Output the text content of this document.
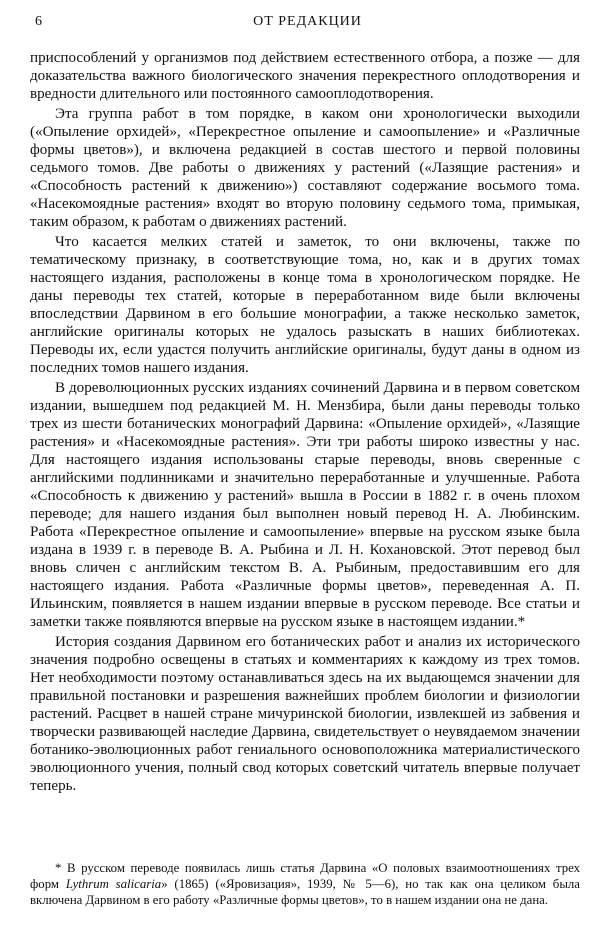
6	ОТ РЕДАКЦИИ

приспособлений у организмов под действием естественного отбора, а позже — для доказательства важного биологического значения перекрестного оплодотворения и вредности длительного или постоянного самооплодотворения.

Эта группа работ в том порядке, в каком они хронологически выходили («Опыление орхидей», «Перекрестное опыление и самоопыление» и «Различные формы цветов»), и включена редакцией в состав шестого и первой половины седьмого томов. Две работы о движениях у растений («Лазящие растения» и «Способность растений к движению») составляют содержание восьмого тома. «Насекомоядные растения» входят во вторую половину седьмого тома, примыкая, таким образом, к работам о движениях растений.

Что касается мелких статей и заметок, то они включены, также по тематическому признаку, в соответствующие тома, но, как и в других томах настоящего издания, расположены в конце тома в хронологическом порядке. Не даны переводы тех статей, которые в переработанном виде были включены впоследствии Дарвином в его большие монографии, а также несколько заметок, английские оригиналы которых не удалось разыскать в наших библиотеках. Переводы их, если удастся получить английские оригиналы, будут даны в одном из последних томов нашего издания.

В дореволюционных русских изданиях сочинений Дарвина и в первом советском издании, вышедшем под редакцией М. Н. Мензбира, были даны переводы только трех из шести ботанических монографий Дарвина: «Опыление орхидей», «Лазящие растения» и «Насекомоядные растения». Эти три работы широко известны у нас. Для настоящего издания использованы старые переводы, вновь сверенные с английскими подлинниками и значительно переработанные и улучшенные. Работа «Способность к движению у растений» вышла в России в 1882 г. в очень плохом переводе; для нашего издания был выполнен новый перевод Н. А. Любинским. Работа «Перекрестное опыление и самоопыление» впервые на русском языке была издана в 1939 г. в переводе В. А. Рыбина и Л. Н. Кохановской. Этот перевод был вновь сличен с английским текстом В. А. Рыбиным, предоставившим его для настоящего издания. Работа «Различные формы цветов», переведенная А. П. Ильинским, появляется в нашем издании впервые в русском переводе. Все статьи и заметки также появляются впервые на русском языке в настоящем издании.*

История создания Дарвином его ботанических работ и анализ их исторического значения подробно освещены в статьях и комментариях к каждому из трех томов. Нет необходимости поэтому останавливаться здесь на их выдающемся значении для правильной постановки и разрешения важнейших проблем биологии и физиологии растений. Расцвет в нашей стране мичуринской биологии, извлекшей из забвения и творчески развивающей наследие Дарвина, свидетельствует о неувядаемом значении ботанико-эволюционных работ гениального основоположника материалистического эволюционного учения, полный свод которых советский читатель впервые получает теперь.

* В русском переводе появилась лишь статья Дарвина «О половых взаимоотношениях трех форм Lythrum salicaria» (1865) («Яровизация», 1939, № 5—6), но так как она целиком была включена Дарвином в его работу «Различные формы цветов», то в нашем издании она не дана.
